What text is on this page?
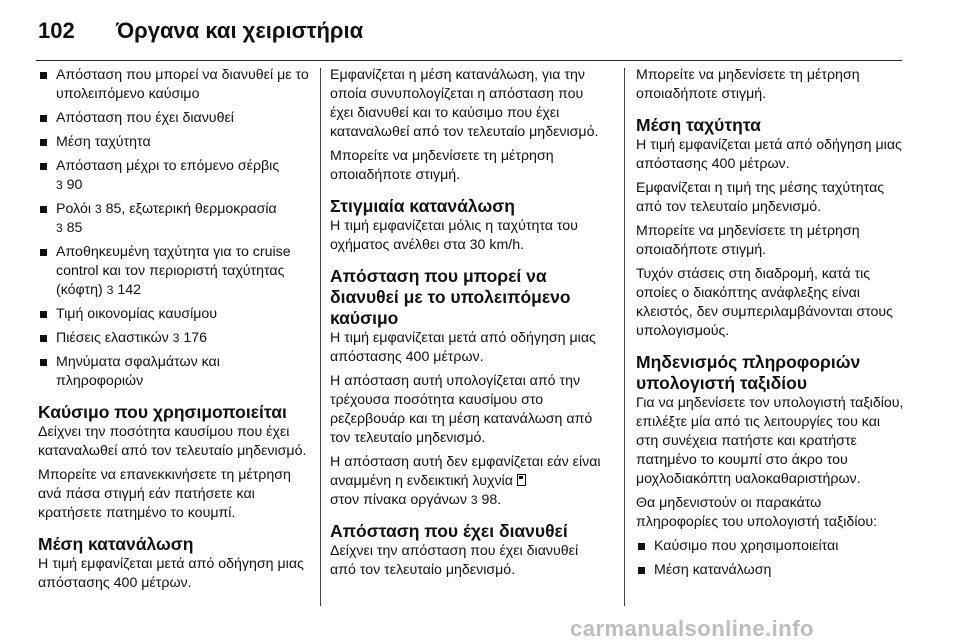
102 Όργανα και χειριστήρια
Απόσταση που μπορεί να διανυθεί με το υπολειπόμενο καύσιμο
Απόσταση που έχει διανυθεί
Μέση ταχύτητα
Απόσταση μέχρι το επόμενο σέρβις
3 90
Ρολόι 3 85, εξωτερική θερμοκρασία
3 85
Αποθηκευμένη ταχύτητα για το cruise control και τον περιοριστή ταχύτητας (κόφτη) 3 142
Τιμή οικονομίας καυσίμου
Πιέσεις ελαστικών 3 176
Μηνύματα σφαλμάτων και πληροφοριών
Καύσιμο που χρησιμοποιείται

Δείχνει την ποσότητα καυσίμου που έχει καταναλωθεί από τον τελευταίο μηδενισμό.

Μπορείτε να επανεκκινήσετε τη μέτρηση ανά πάσα στιγμή εάν πατήσετε και κρατήσετε πατημένο το κουμπί.

Μέση κατανάλωση

Η τιμή εμφανίζεται μετά από οδήγηση μιας απόστασης 400 μέτρων.

Εμφανίζεται η μέση κατανάλωση, για την οποία συνυπολογίζεται η απόσταση που έχει διανυθεί και το καύσιμο που έχει καταναλωθεί από τον τελευταίο μηδενισμό.

Μπορείτε να μηδενίσετε τη μέτρηση οποιαδήποτε στιγμή.

Στιγμιαία κατανάλωση

Η τιμή εμφανίζεται μόλις η ταχύτητα του οχήματος ανέλθει στα 30 km/h.

Απόσταση που μπορεί να διανυθεί με το υπολειπόμενο καύσιμο

Η τιμή εμφανίζεται μετά από οδήγηση μιας απόστασης 400 μέτρων.

Η απόσταση αυτή υπολογίζεται από την τρέχουσα ποσότητα καυσίμου στο ρεζερβουάρ και τη μέση κατανάλωση από τον τελευταίο μηδενισμό.

Η απόσταση αυτή δεν εμφανίζεται εάν είναι αναμμένη η ενδεικτική λυχνία
στον πίνακα οργάνων 3 98.

Απόσταση που έχει διανυθεί

Δείχνει την απόσταση που έχει διανυθεί από τον τελευταίο μηδενισμό.

Μπορείτε να μηδενίσετε τη μέτρηση οποιαδήποτε στιγμή.

Μέση ταχύτητα

Η τιμή εμφανίζεται μετά από οδήγηση μιας απόστασης 400 μέτρων.

Εμφανίζεται η τιμή της μέσης ταχύτητας από τον τελευταίο μηδενισμό.

Μπορείτε να μηδενίσετε τη μέτρηση οποιαδήποτε στιγμή.

Τυχόν στάσεις στη διαδρομή, κατά τις οποίες ο διακόπτης ανάφλεξης είναι κλειστός, δεν συμπεριλαμβάνονται στους υπολογισμούς.

Μηδενισμός πληροφοριών υπολογιστή ταξιδίου

Για να μηδενίσετε τον υπολογιστή ταξιδίου, επιλέξτε μία από τις λειτουργίες του και στη συνέχεια πατήστε και κρατήστε πατημένο το κουμπί στο άκρο του μοχλοδιακόπτη υαλοκαθαριστήρων.

Θα μηδενιστούν οι παρακάτω πληροφορίες του υπολογιστή ταξιδίου:

Καύσιμο που χρησιμοποιείται
Μέση κατανάλωση
carmanualsonline.info
